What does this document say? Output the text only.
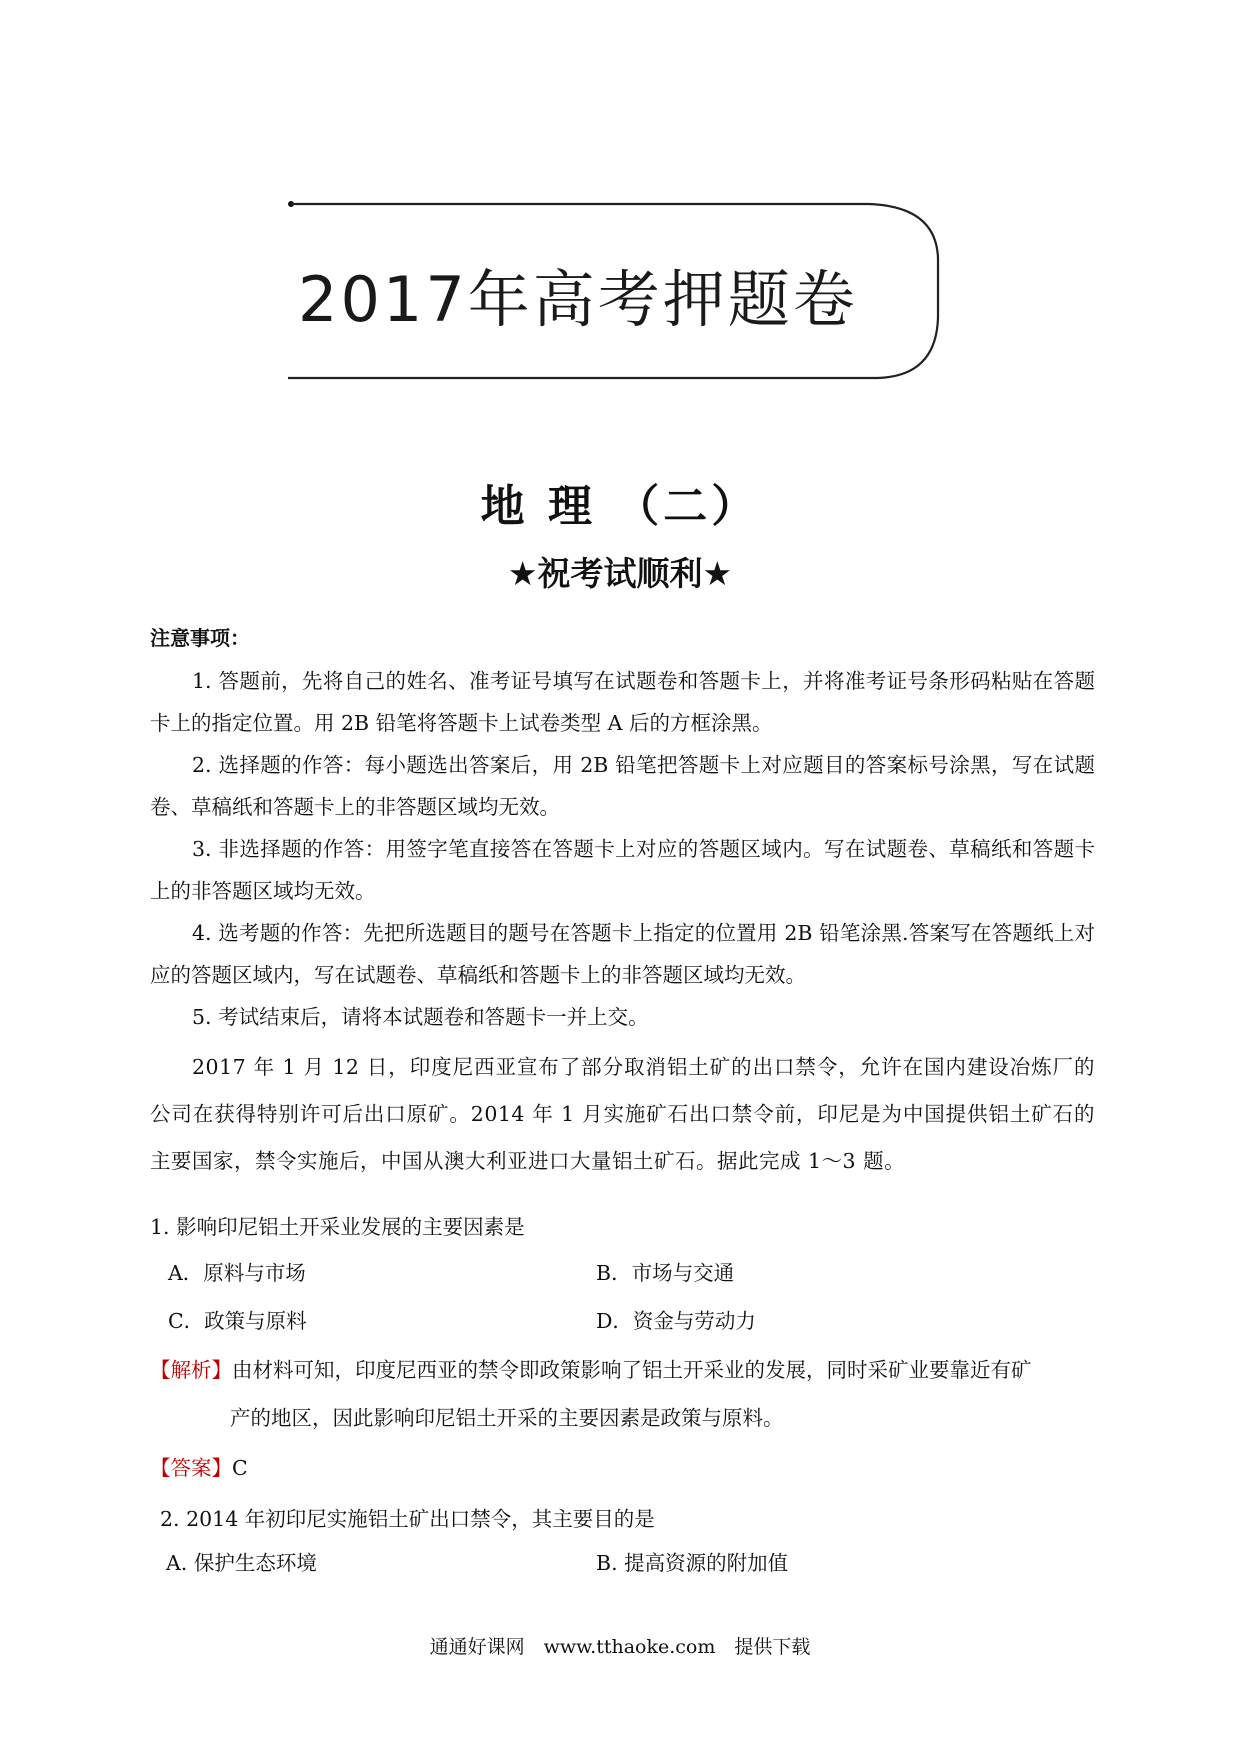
2017年高考押题卷
地 理 （二）
★祝考试顺利★

注意事项：

1. 答题前，先将自己的姓名、准考证号填写在试题卷和答题卡上，并将准考证号条形码粘贴在答题卡上的指定位置。用 2B 铅笔将答题卡上试卷类型 A 后的方框涂黑。

2. 选择题的作答：每小题选出答案后，用 2B 铅笔把答题卡上对应题目的答案标号涂黑，写在试题卷、草稿纸和答题卡上的非答题区域均无效。

3. 非选择题的作答：用签字笔直接答在答题卡上对应的答题区域内。写在试题卷、草稿纸和答题卡上的非答题区域均无效。

4. 选考题的作答：先把所选题目的题号在答题卡上指定的位置用 2B 铅笔涂黑.答案写在答题纸上对应的答题区域内，写在试题卷、草稿纸和答题卡上的非答题区域均无效。

5. 考试结束后，请将本试题卷和答题卡一并上交。

2017 年 1 月 12 日，印度尼西亚宣布了部分取消铝土矿的出口禁令，允许在国内建设冶炼厂的公司在获得特别许可后出口原矿。2014 年 1 月实施矿石出口禁令前，印尼是为中国提供铝土矿石的主要国家，禁令实施后，中国从澳大利亚进口大量铝土矿石。据此完成 1～3 题。

1. 影响印尼铝土开采业发展的主要因素是

A．原料与市场	B．市场与交通
C．政策与原料	D．资金与劳动力
【解析】由材料可知，印度尼西亚的禁令即政策影响了铝土开采业的发展，同时采矿业要靠近有矿
产的地区，因此影响印尼铝土开采的主要因素是政策与原料。
【答案】C

2. 2014 年初印尼实施铝土矿出口禁令，其主要目的是

A. 保护生态环境	B. 提高资源的附加值
通通好课网　www.tthaoke.com　提供下载
